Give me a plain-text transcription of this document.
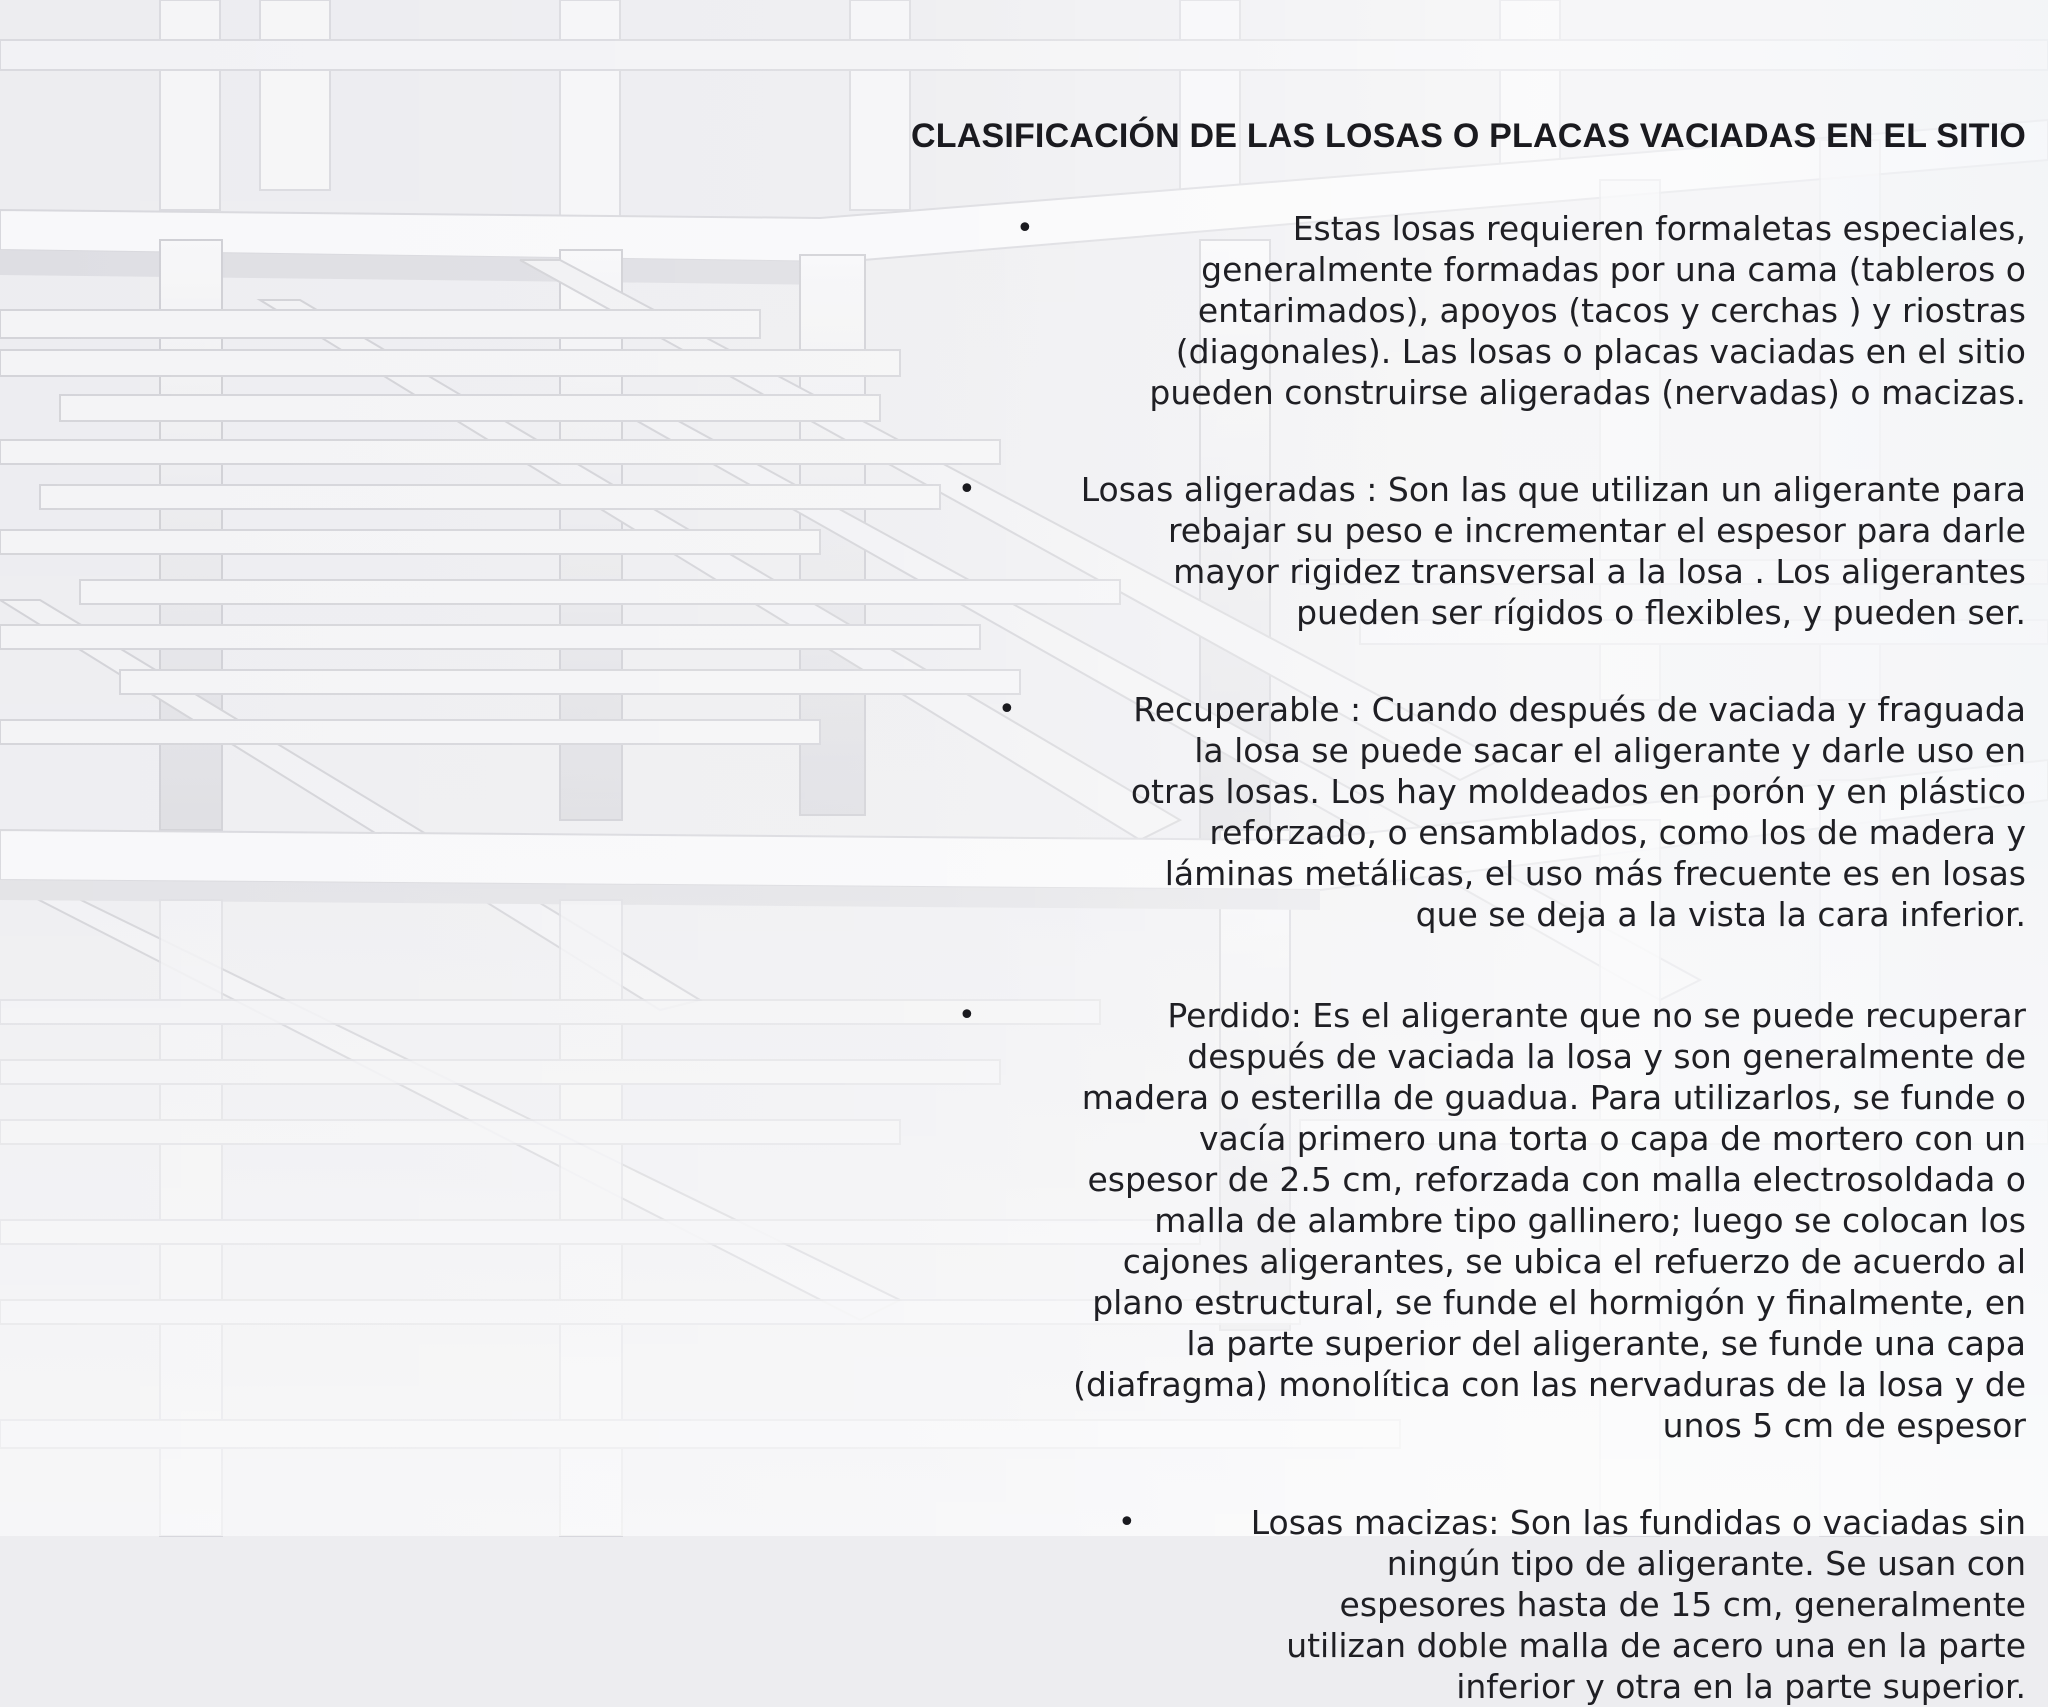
CLASIFICACIÓN DE LAS LOSAS O PLACAS VACIADAS EN EL SITIO
•	Estas losas requieren formaletas especiales, generalmente formadas por una cama (tableros o entarimados), apoyos (tacos y cerchas ) y riostras (diagonales). Las losas o placas vaciadas en el sitio pueden construirse aligeradas (nervadas) o macizas.
•	Losas aligeradas : Son las que utilizan un aligerante para rebajar su peso e incrementar el espesor para darle mayor rigidez transversal a la losa . Los aligerantes pueden ser rígidos o flexibles, y pueden ser.
•	Recuperable : Cuando después de vaciada y fraguada la losa se puede sacar el aligerante y darle uso en otras losas. Los hay moldeados en porón y en plástico reforzado, o ensamblados, como los de madera y láminas metálicas, el uso más frecuente es en losas que se deja a la vista la cara inferior.
•	Perdido: Es el aligerante que no se puede recuperar después de vaciada la losa y son generalmente de madera o esterilla de guadua. Para utilizarlos, se funde o vacía primero una torta o capa de mortero con un espesor de 2.5 cm, reforzada con malla electrosoldada o malla de alambre tipo gallinero; luego se colocan los cajones aligerantes, se ubica el refuerzo de acuerdo al plano estructural, se funde el hormigón y finalmente, en la parte superior del aligerante, se funde una capa (diafragma) monolítica con las nervaduras de la losa y de unos 5 cm de espesor
•	Losas macizas: Son las fundidas o vaciadas sin ningún tipo de aligerante. Se usan con espesores hasta de 15 cm, generalmente utilizan doble malla de acero una en la parte inferior y otra en la parte superior.
